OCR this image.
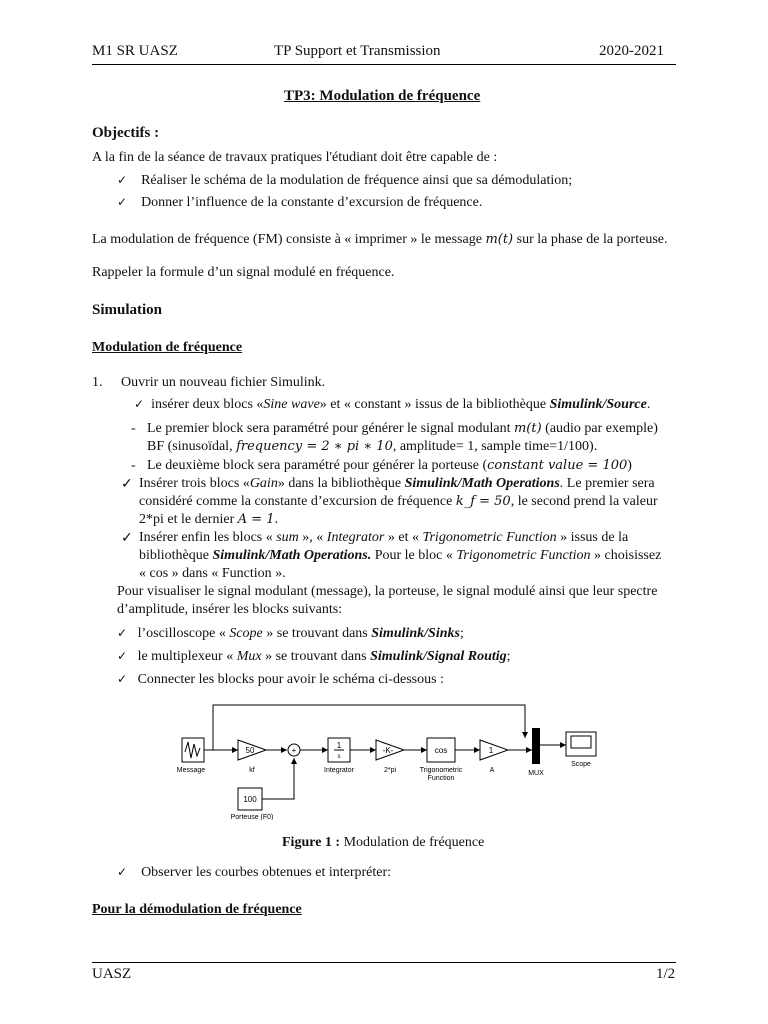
M1 SR UASZ	TP Support et Transmission	2020-2021
TP3: Modulation de fréquence
Objectifs :
A la fin de la séance de travaux pratiques l'étudiant doit être capable de :
✓ Réaliser le schéma de la modulation de fréquence ainsi que sa démodulation;
✓ Donner l’influence de la constante d’excursion de fréquence.
La modulation de fréquence (FM) consiste à « imprimer » le message m(t) sur la phase de la porteuse.
Rappeler la formule d’un signal modulé en fréquence.
Simulation
Modulation de fréquence
1. Ouvrir un nouveau fichier Simulink.
✓ insérer deux blocs «Sine wave» et « constant » issus de la bibliothèque Simulink/Source.
- Le premier block sera paramétré pour générer le signal modulant m(t) (audio par exemple)
BF (sinusoïdal, frequency = 2 ∗ pi ∗ 10, amplitude= 1, sample time=1/100).
- Le deuxième block sera paramétré pour générer la porteuse (constant value = 100)
✓ Insérer trois blocs «Gain» dans la bibliothèque Simulink/Math Operations. Le premier sera
considéré comme la constante d’excursion de fréquence k_f = 50, le second prend la valeur
2*pi et le dernier A = 1.
✓ Insérer enfin les blocs « sum », « Integrator » et « Trigonometric Function » issus de la
bibliothèque Simulink/Math Operations. Pour le bloc « Trigonometric Function » choisissez
« cos » dans « Function ».
Pour visualiser le signal modulant (message), la porteuse, le signal modulé ainsi que leur spectre
d’amplitude, insérer les blocks suivants:
✓ l’oscilloscope « Scope » se trouvant dans Simulink/Sinks;
✓ le multiplexeur « Mux » se trouvant dans Simulink/Signal Routig;
✓ Connecter les blocks pour avoir le schéma ci-dessous :
+
50
1
s
-K-	cos	1
100
Message	kf	Integrator	2*pi	Trigonometric
Function
A	MUX
Scope
Porteuse (F0)
Figure 1 : Modulation de fréquence
✓ Observer les courbes obtenues et interpréter:
Pour la démodulation de fréquence
UASZ	1/2
